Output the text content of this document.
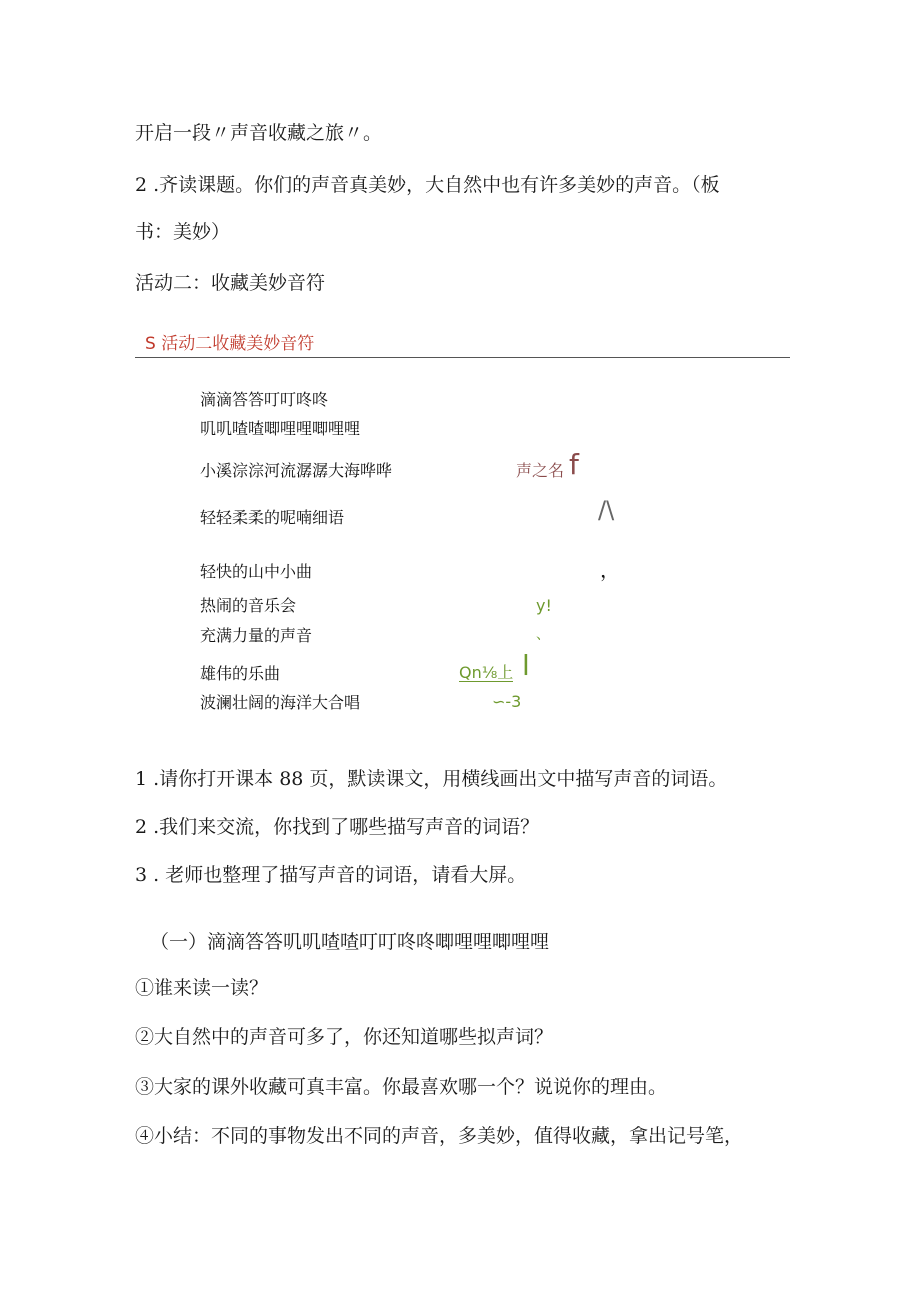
开启一段〃声音收藏之旅〃。

2 .齐读课题。你们的声音真美妙，大自然中也有许多美妙的声音。（板

书：美妙）

活动二：收藏美妙音符

S 活动二收藏美妙音符
滴滴答答叮叮咚咚
叽叽喳喳唧哩哩唧哩哩
小溪淙淙河流潺潺大海哗哗
轻轻柔柔的呢喃细语
轻快的山中小曲
热闹的音乐会
充满力量的声音
雄伟的乐曲
波澜壮阔的海洋大合唱
声之名 f
/\
，
y!
、
Qn⅛上 l
∽-3

1 .请你打开课本 88 页，默读课文，用横线画出文中描写声音的词语。

2 .我们来交流，你找到了哪些描写声音的词语？

3 . 老师也整理了描写声音的词语，请看大屏。

（一）滴滴答答叽叽喳喳叮叮咚咚唧哩哩唧哩哩

①谁来读一读？

②大自然中的声音可多了，你还知道哪些拟声词？

③大家的课外收藏可真丰富。你最喜欢哪一个？说说你的理由。

④小结：不同的事物发出不同的声音，多美妙，值得收藏，拿出记号笔，
